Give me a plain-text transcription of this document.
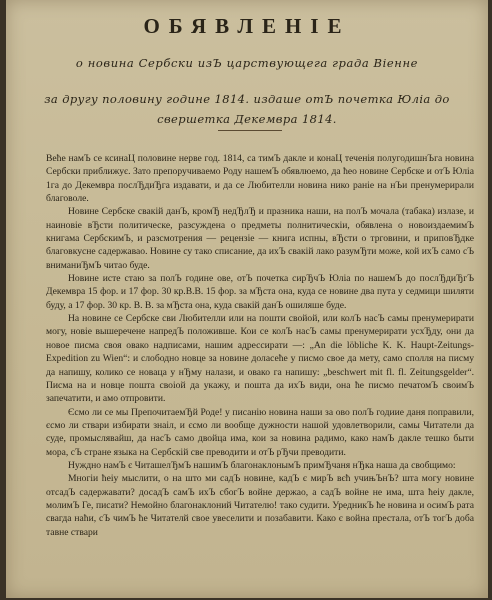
ОБЯВЛЕНІЕ
о новина Сербски изЪ царствующега града Віенне
за другу половину године 1814. издаше отЪ почетка Юліа до свершетка Декемвра 1814.

Веће намЪ се ксинаЦ половине нерве год. 1814, са тимЪ дакле и конаЦ теченія полугодишнЪга новина Сербски приближує. Зато препоручиваемо Роду нашемЪ обявлюемо, да ћео новине Сербске и отЪ Юліа 1га до Декемвра послЂдиЂга издавати, и да се Любителли новина нико раніе на нЪи пренумерирали благоволе.

Новине Сербске свакій данЪ, кромЂ недЂлЂ и празника наши, на полЪ мочала (табака) излазе, и наиновіе вЂсти политическе, разсуждена о предметы полнитическіи, обявлена о новоиздаемимЪ книгама СербскимЪ, и разсмотрения — рецензіе — книга испны, вЂсти о трговини, и приповЂдке благовкусне садержавао. Новине су тако списание, да ихЪ свакій лако разумЂти може, кой ихЪ само сЪ вниманиЂмЪ читао буде.

Новине исте стаю за полЪ године ове, отЪ почетка сирЂчЪ Юліа по нашемЪ до послЂдиЂгЪ Декемвра 15 фор. и 17 фор. 30 кр.В.В. 15 фор. за мЂста она, куда се новине два пута у седмици шиляти буду, а 17 фор. 30 кр. В. В. за мЂста она, куда свакій данЪ ошиляше буде.

На новине се Сербске сви Любителли или на пошти свойой, или колЪ насЪ самы пренумерирати могу, новіе вышеречене напредЪ положивше. Кои се колЪ насЪ самы пренумерирати усхЂду, они да новое писма своя овако надписами, нашим адрессирати —: „An die löbliche K. K. Haupt-Zeitungs-Expedition zu Wien“: и слободно новце за новине доласеће у писмо свое да мету, само сполля на писму да напишу, колико се новаца у нЂму налази, и овако га напишу: „beschwert mit fl. fl. Zeitungsgelder“. Писма на и новце пошта своіой да укажу, и пошта да ихЪ види, она ће писмо печатомЪ своимЪ запечатити, и амо отпровити.

Єсмо ли се мы ПрепочитаемЂй Роде! у писанію новина наши за ово полЪ годиие даня поправили, єсмо ли ствари избирати знаіл, и єсмо ли вообще дужности нашой удовлетворили, самы Читатели да суде, промыслявайш, да насЪ само двойца има, кои за новина радимо, како намЪ дакле тешко быти мора, сЪ стране языка на Сербскій све преводити и отЪ рЂчи преводити.

Нуждно намЪ є ЧиташелЂмЪ нашимЪ благонаклонымЪ примЂчаня нЂка наша да свобщимо:

Многіи ћеіу мыслити, о на што ми садЪ новине, кадЪ є мирЪ вєћ учињЪнЪ? шта могу новине отсадЪ садержавати? досадЪ самЪ ихЪ сбогЪ войне держао, а садЪ войне не има, шта ћеіу дакле, молимЪ Ге, писати? Немойно благонаклоний Читателю! тако судити. УредникЪ ће новина и осимЪ рата свагда наћи, сЪ чимЪ ће Читателй свое увеселити и позабавити. Како є война престала, отЪ тогЪ доба тавне ствари
